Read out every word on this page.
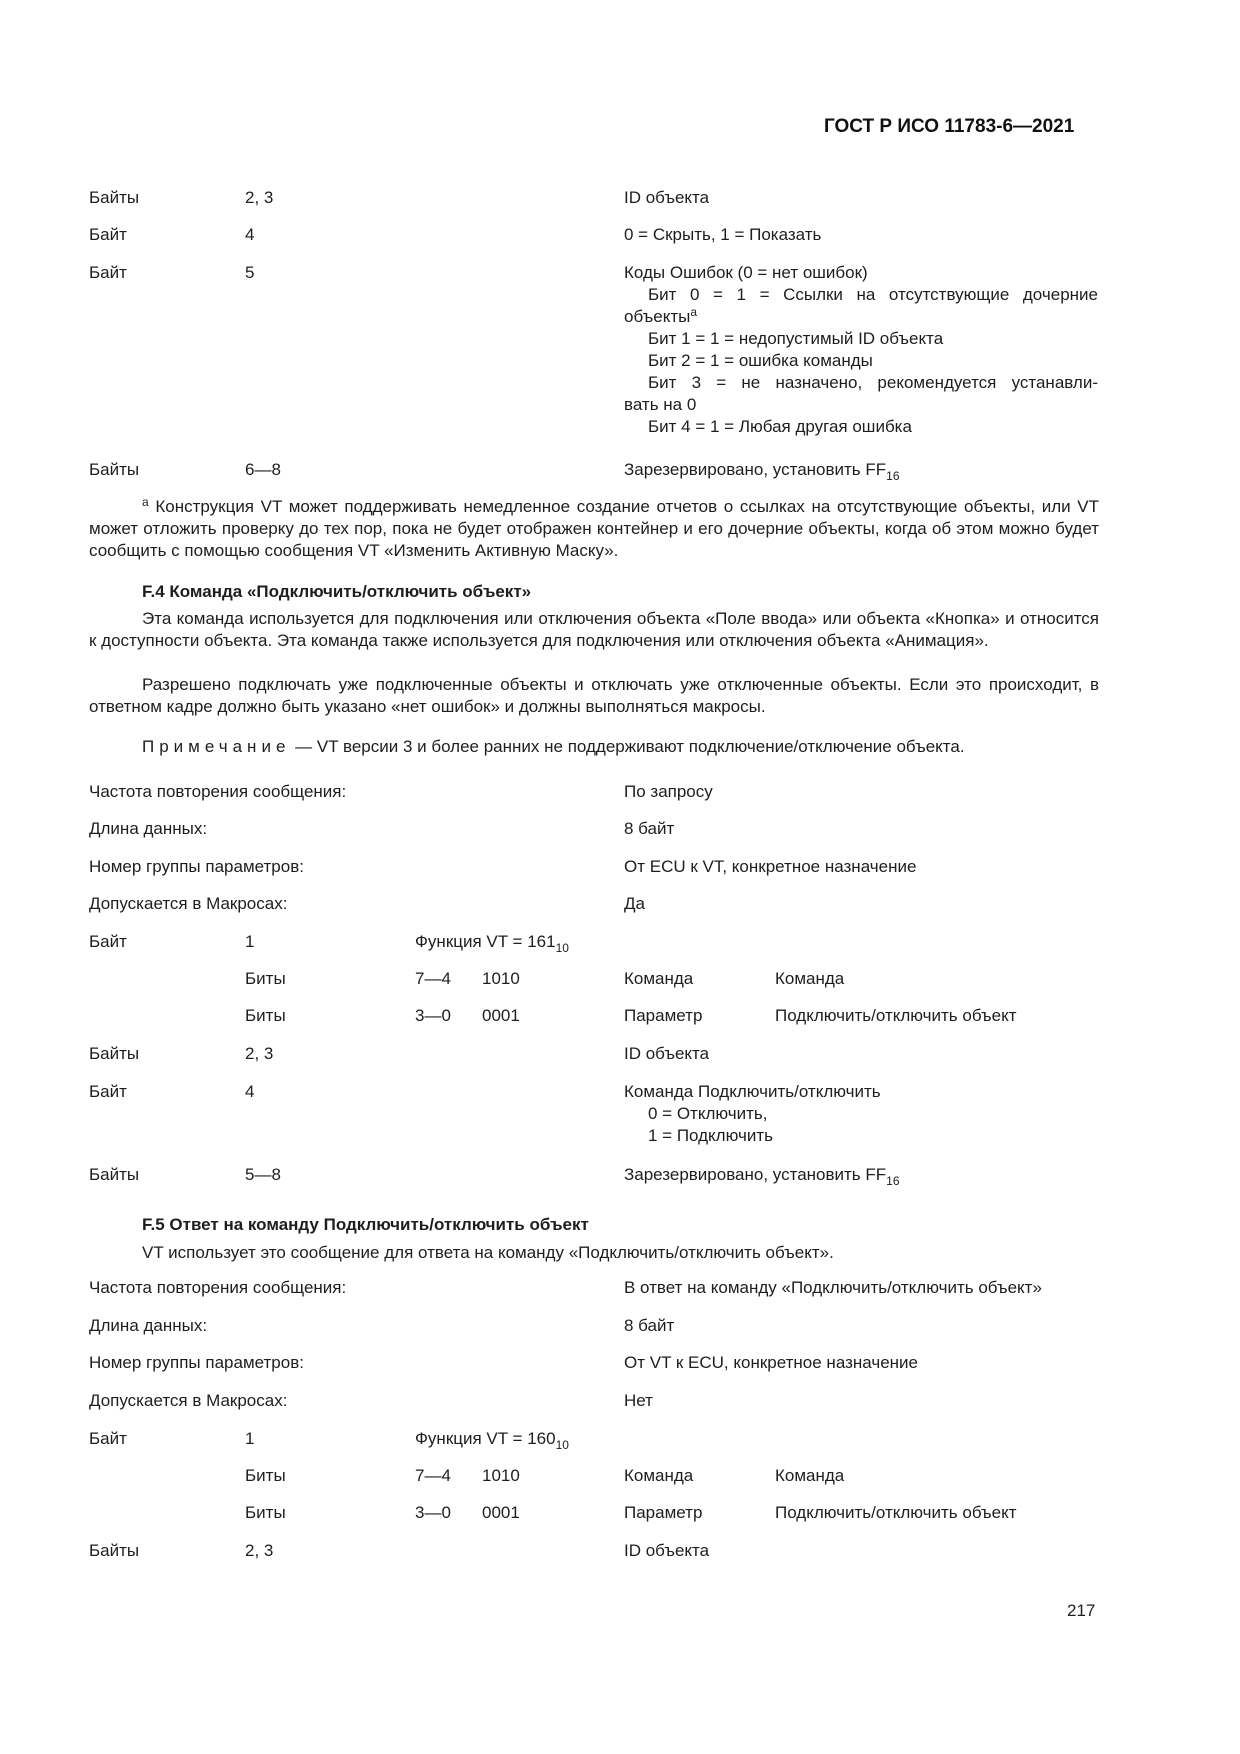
ГОСТ Р ИСО 11783-6—2021
Байты	2, 3	ID объекта
Байт	4	0 = Скрыть, 1 = Показать
Байт	5	Коды Ошибок (0 = нет ошибок)
Бит 0 = 1 = Ссылки на отсутствующие дочерние
объекты$^a$
Бит 1 = 1 = недопустимый ID объекта
Бит 2 = 1 = ошибка команды
Бит 3 = не назначено, рекомендуется устанавли-
вать на 0
Бит 4 = 1 = Любая другая ошибка
Байты	6—8	Зарезервировано, установить $FF_{16}$
$^a$ Конструкция VT может поддерживать немедленное создание отчетов о ссылках на отсутствующие объекты, или VT может отложить проверку до тех пор, пока не будет отображен контейнер и его дочерние объекты, когда об этом можно будет сообщить с помощью сообщения VT «Изменить Активную Маску».
F.4 Команда «Подключить/отключить объект»
Эта команда используется для подключения или отключения объекта «Поле ввода» или объекта «Кнопка» и относится к доступности объекта. Эта команда также используется для подключения или отключения объекта «Анимация».
Разрешено подключать уже подключенные объекты и отключать уже отключенные объекты. Если это происходит, в ответном кадре должно быть указано «нет ошибок» и должны выполняться макросы.
Примечание — VT версии 3 и более ранних не поддерживают подключение/отключение объекта.
Частота повторения сообщения:	По запросу
Длина данных:	8 байт
Номер группы параметров:	От ECU к VT, конкретное назначение
Допускается в Макросах:	Да
Байт	1	Функция VT = $161_{10}$
Биты	7—4 1010	Команда	Команда
Биты	3—0 0001	Параметр	Подключить/отключить объект
Байты	2, 3	ID объекта
Байт	4	Команда Подключить/отключить
0 = Отключить,
1 = Подключить
Байты	5—8	Зарезервировано, установить $FF_{16}$
F.5 Ответ на команду Подключить/отключить объект
VT использует это сообщение для ответа на команду «Подключить/отключить объект».
Частота повторения сообщения:	В ответ на команду «Подключить/отключить объект»
Длина данных:	8 байт
Номер группы параметров:	От VT к ECU, конкретное назначение
Допускается в Макросах:	Нет
Байт	1	Функция VT = $160_{10}$
Биты	7—4 1010	Команда	Команда
Биты	3—0 0001	Параметр	Подключить/отключить объект
Байты	2, 3	ID объекта
217
